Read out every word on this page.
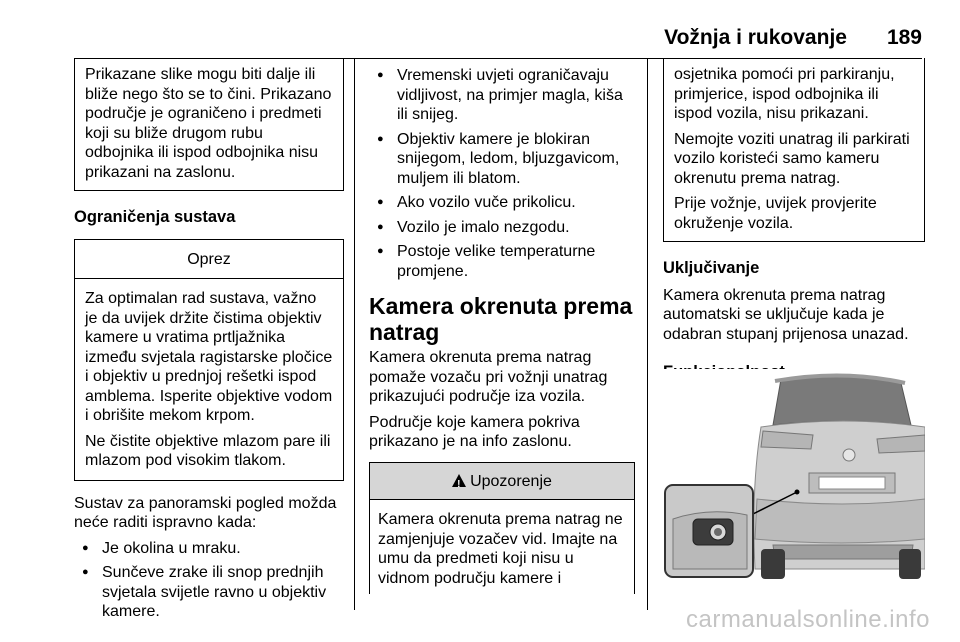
Vožnja i rukovanje 189

Prikazane slike mogu biti dalje ili bliže nego što se to čini. Prikazano područje je ograničeno i predmeti koji su bliže drugom rubu odbojnika ili ispod odbojnika nisu prikazani na zaslonu.

Ograničenja sustava
Oprez

Za optimalan rad sustava, važno je da uvijek držite čistima objektiv kamere u vratima prtljažnika između svjetala ragistarske pločice i objektiv u prednjoj rešetki ispod amblema. Isperite objektive vodom i obrišite mekom krpom.

Ne čistite objektive mlazom pare ili mlazom pod visokim tlakom.

Sustav za panoramski pogled možda neće raditi ispravno kada:

● Je okolina u mraku.
● Sunčeve zrake ili snop prednjih svjetala svijetle ravno u objektiv kamere.
● Vremenski uvjeti ograničavaju vidljivost, na primjer magla, kiša ili snijeg.
● Objektiv kamere je blokiran snijegom, ledom, bljuzgavicom, muljem ili blatom.
● Ako vozilo vuče prikolicu.
● Vozilo je imalo nezgodu.
● Postoje velike temperaturne promjene.
Kamera okrenuta prema natrag

Kamera okrenuta prema natrag pomaže vozaču pri vožnji unatrag prikazujući područje iza vozila.

Područje koje kamera pokriva prikazano je na info zaslonu.

!Upozorenje

Kamera okrenuta prema natrag ne zamjenjuje vozačev vid. Imajte na umu da predmeti koji nisu u vidnom području kamere i

osjetnika pomoći pri parkiranju, primjerice, ispod odbojnika ili ispod vozila, nisu prikazani.

Nemojte voziti unatrag ili parkirati vozilo koristeći samo kameru okrenutu prema natrag.

Prije vožnje, uvijek provjerite okruženje vozila.

Uključivanje

Kamera okrenuta prema natrag automatski se uključuje kada je odabran stupanj prijenosa unazad.

carmanualsonline.info
